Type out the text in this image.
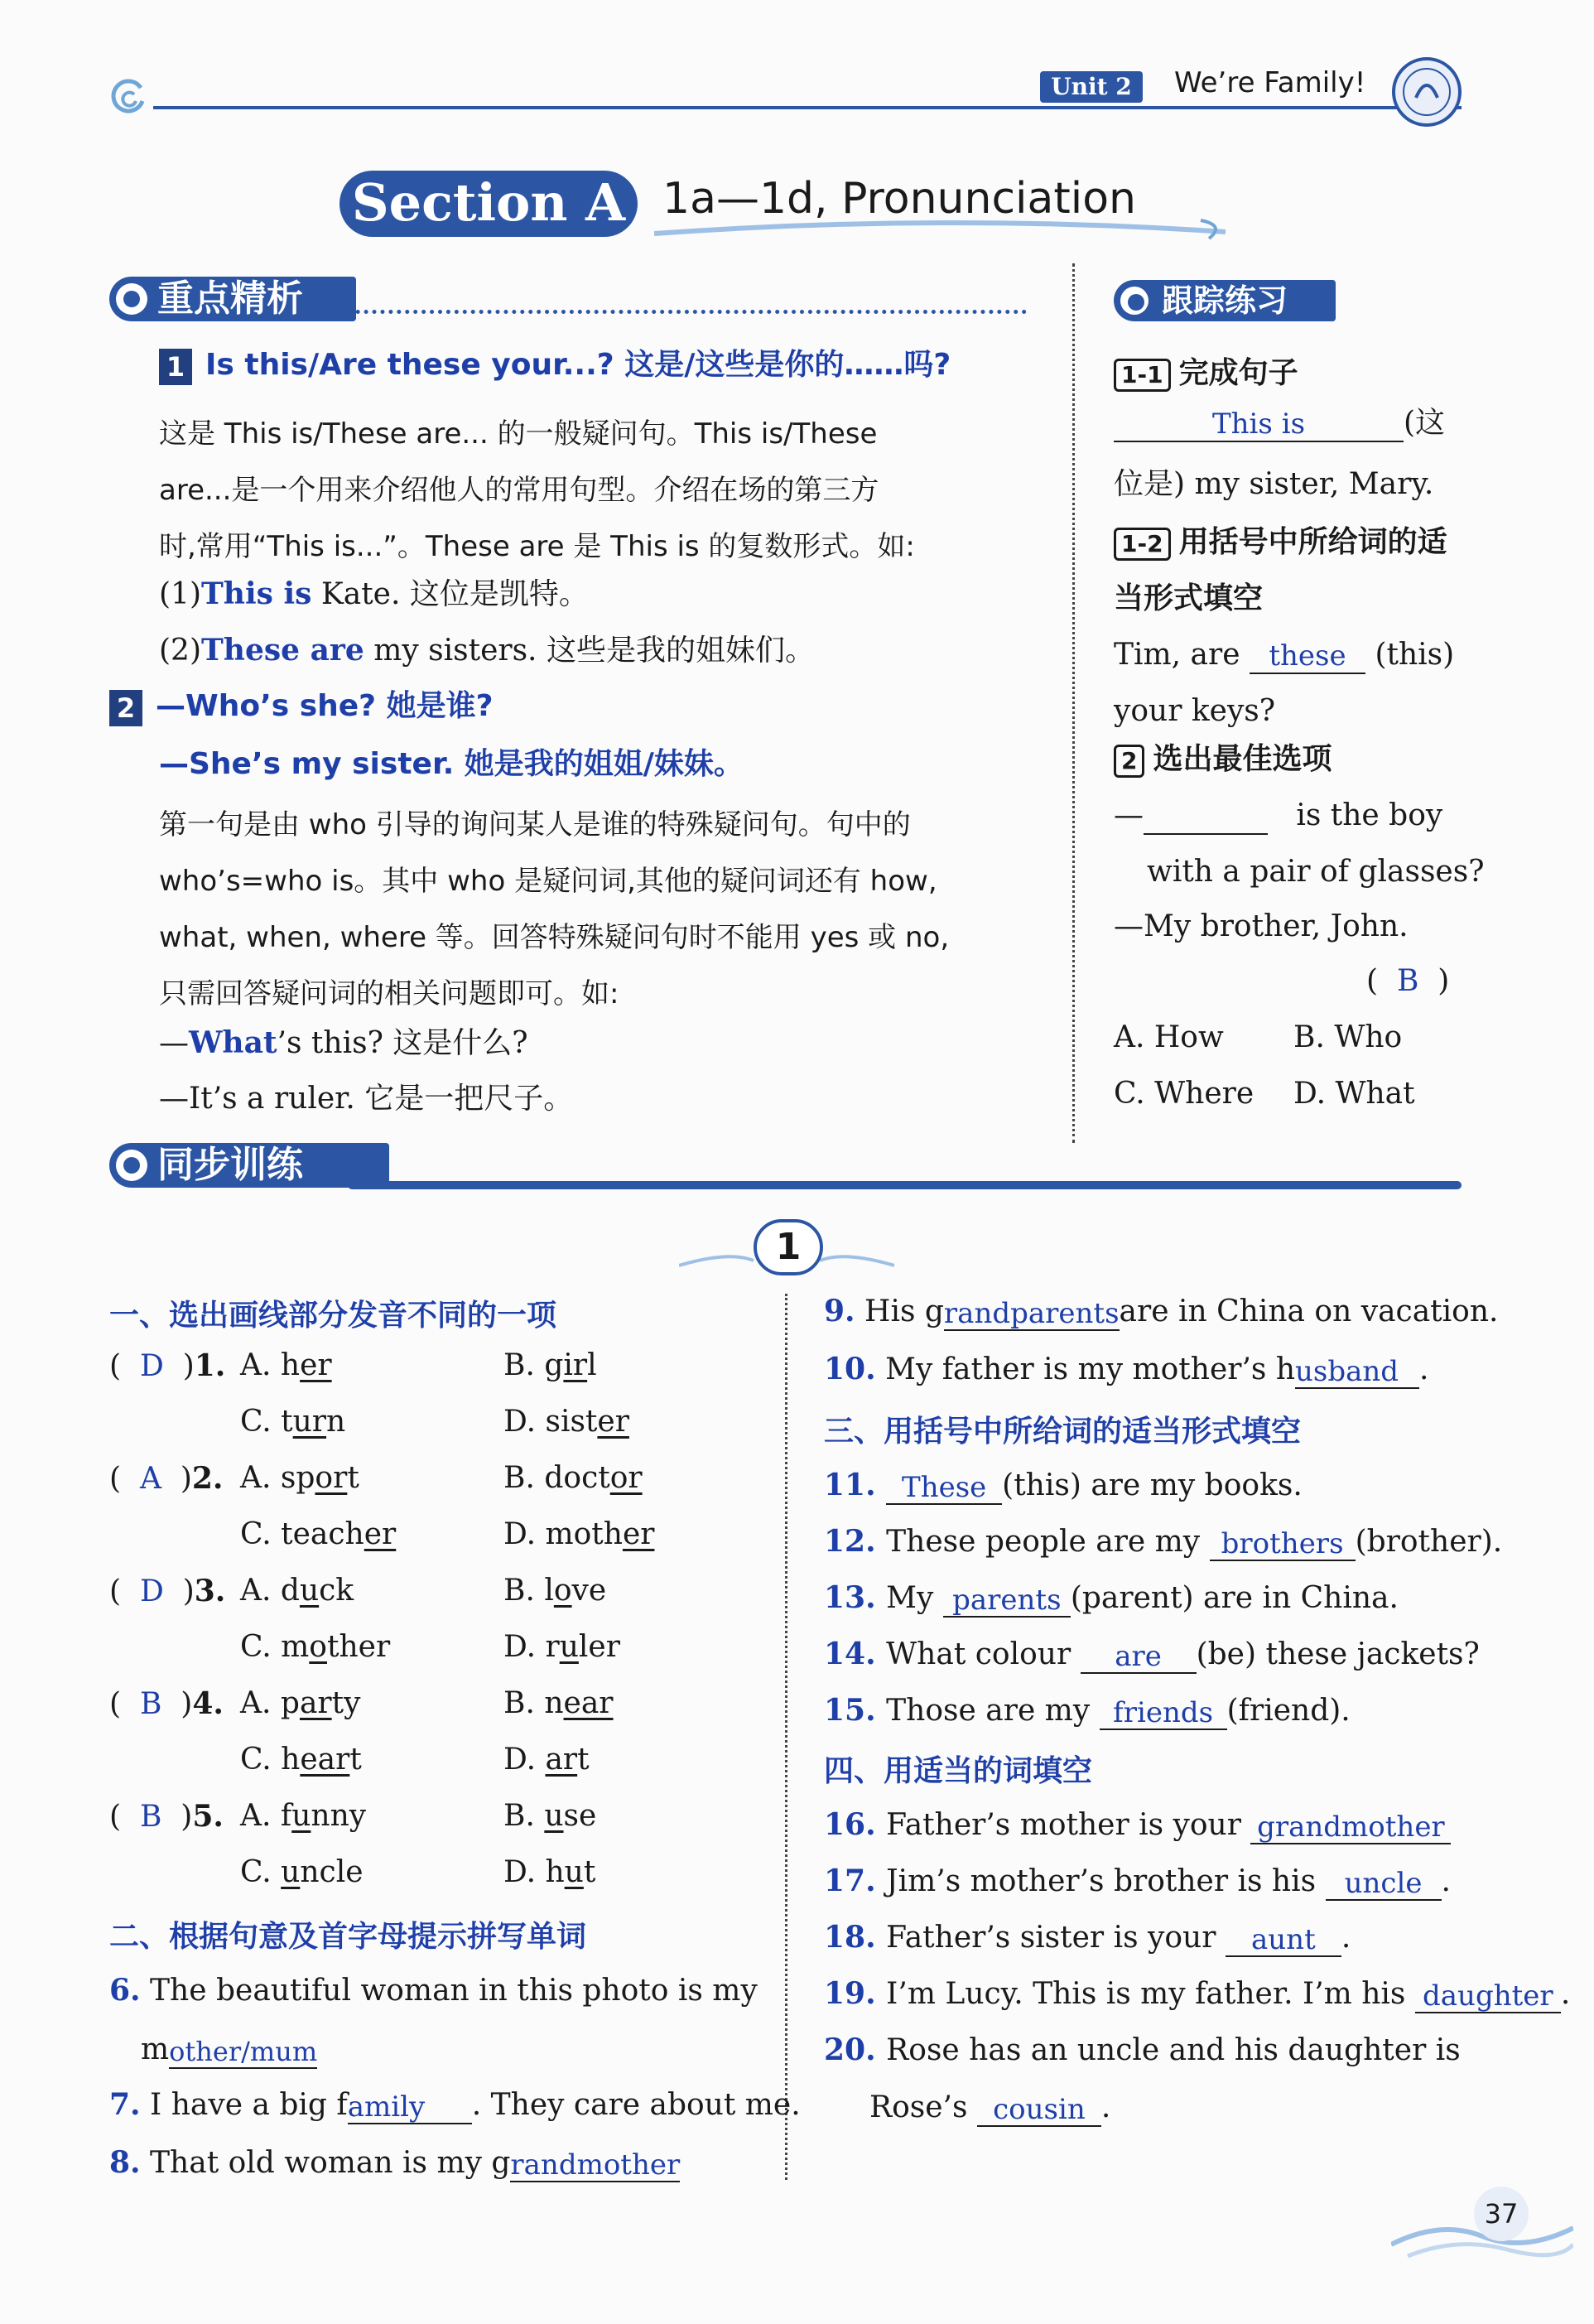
Unit 2	We’re Family!
Section A 1a—1d, Pronunciation
重点精析
1 Is this/Are these your...? 这是/这些是你的……吗?
这是 This is/These are... 的一般疑问句。This is/These
are...是一个用来介绍他人的常用句型。介绍在场的第三方
时,常用“This is...”。These are 是 This is 的复数形式。如:
(1)This is Kate. 这位是凯特。
(2)These are my sisters. 这些是我的姐妹们。
2 —Who’s she? 她是谁?
—She’s my sister. 她是我的姐姐/妹妹。
第一句是由 who 引导的询问某人是谁的特殊疑问句。句中的
who’s=who is。其中 who 是疑问词,其他的疑问词还有 how,
what, when, where 等。回答特殊疑问句时不能用 yes 或 no,
只需回答疑问词的相关问题即可。如:
—What’s this? 这是什么?
—It’s a ruler. 它是一把尺子。
跟踪练习
1-1 完成句子
This is	(这
位是) my sister, Mary.
1-2 用括号中所给词的适
当形式填空
Tim, are these (this)
your keys?
2 选出最佳选项
—	is the boy
with a pair of glasses?
—My brother, John.
(  B  )
A. How B. Who
C. Where D. What
同步训练
1
一、选出画线部分发音不同的一项
(  D  )1. A. her	B. girl
C. turn	D. sister
(  A  )2. A. sport	B. doctor
C. teacher	D. mother
(  D  )3. A. duck	B. love
C. mother	D. ruler
(  B  )4. A. party	B. near
C. heart	D. art
(  B  )5. A. funny	B. use
C. uncle	D. hut
二、根据句意及首字母提示拼写单词
6. The beautiful woman in this photo is my
mother/mum
7. I have a big family . They care about me.
8. That old woman is my grandmother
9. His grandparentsare in China on vacation.
10. My father is my mother’s husband .
三、用括号中所给词的适当形式填空
11. These (this) are my books.
12. These people are my brothers (brother).
13. My parents (parent) are in China.
14. What colour are (be) these jackets?
15. Those are my friends (friend).
四、用适当的词填空
16. Father’s mother is your grandmother
17. Jim’s mother’s brother is his uncle .
18. Father’s sister is your aunt .
19. I’m Lucy. This is my father. I’m his daughter .
20. Rose has an uncle and his daughter is
Rose’s cousin .
37
